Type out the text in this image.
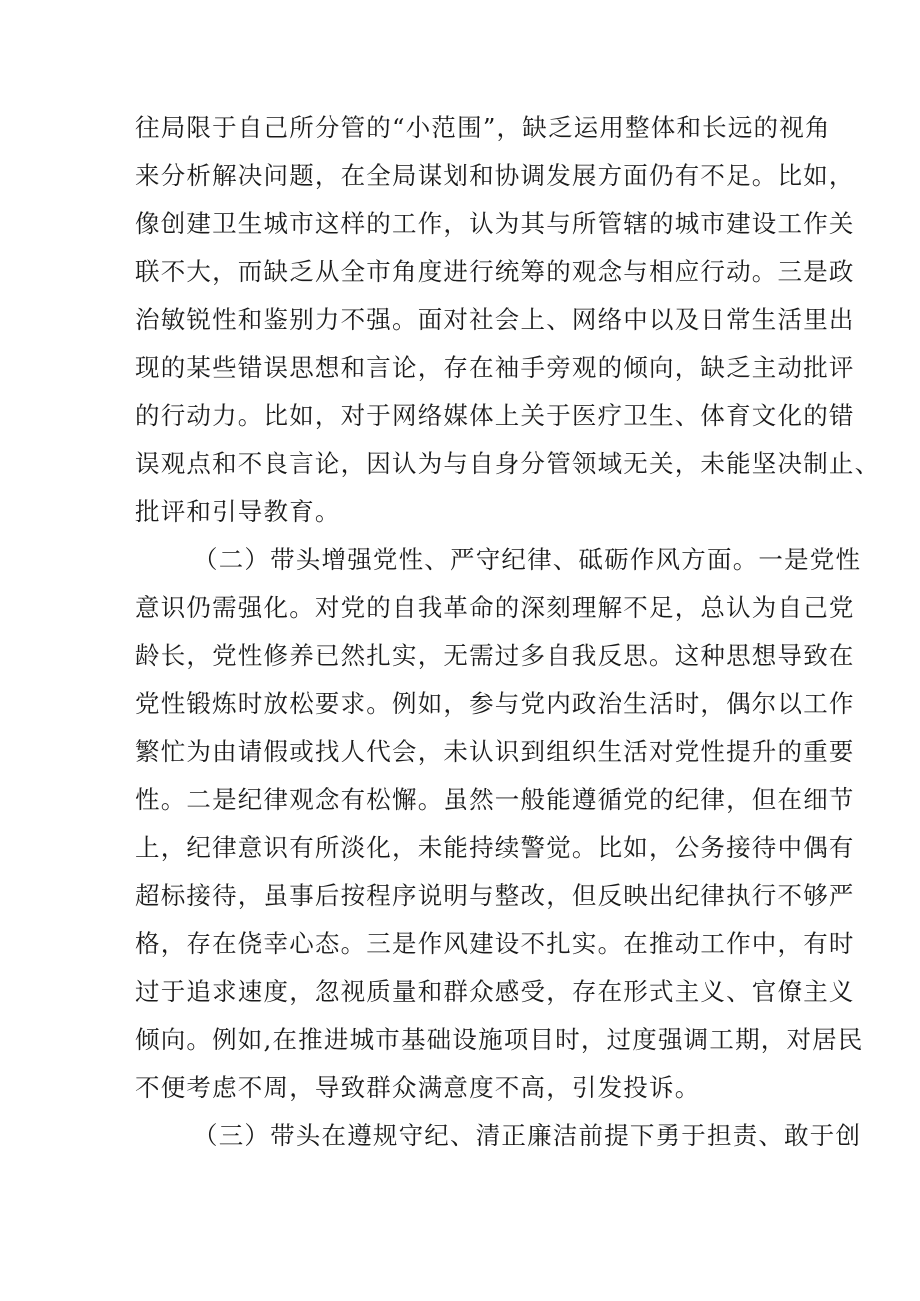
往局限于自己所分管的“小范围”，缺乏运用整体和长远的视角
来分析解决问题，在全局谋划和协调发展方面仍有不足。比如，
像创建卫生城市这样的工作，认为其与所管辖的城市建设工作关
联不大，而缺乏从全市角度进行统筹的观念与相应行动。三是政
治敏锐性和鉴别力不强。面对社会上、网络中以及日常生活里出
现的某些错误思想和言论，存在袖手旁观的倾向，缺乏主动批评
的行动力。比如，对于网络媒体上关于医疗卫生、体育文化的错
误观点和不良言论，因认为与自身分管领域无关，未能坚决制止、
批评和引导教育。
（二）带头增强党性、严守纪律、砥砺作风方面。一是党性
意识仍需强化。对党的自我革命的深刻理解不足，总认为自己党
龄长，党性修养已然扎实，无需过多自我反思。这种思想导致在
党性锻炼时放松要求。例如，参与党内政治生活时，偶尔以工作
繁忙为由请假或找人代会，未认识到组织生活对党性提升的重要
性。二是纪律观念有松懈。虽然一般能遵循党的纪律，但在细节
上，纪律意识有所淡化，未能持续警觉。比如，公务接待中偶有
超标接待，虽事后按程序说明与整改，但反映出纪律执行不够严
格，存在侥幸心态。三是作风建设不扎实。在推动工作中，有时
过于追求速度，忽视质量和群众感受，存在形式主义、官僚主义
倾向。例如,在推进城市基础设施项目时，过度强调工期，对居民
不便考虑不周，导致群众满意度不高，引发投诉。
（三）带头在遵规守纪、清正廉洁前提下勇于担责、敢于创
